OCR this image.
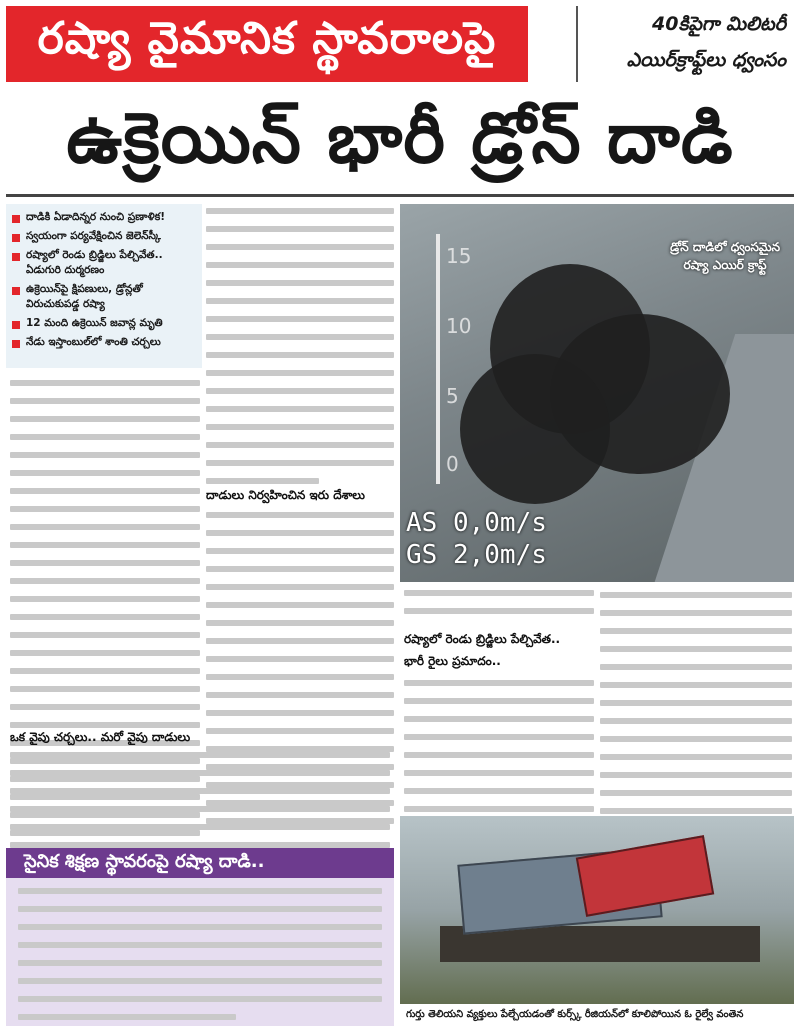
రష్యా వైమానిక స్థావరాలపై	40కిపైగా మిలిటరీ
ఎయిర్‌క్రాఫ్ట్‌లు ధ్వంసం
ఉక్రెయిన్ భారీ డ్రోన్ దాడి
దాడికి ఏడాదిన్నర నుంచి ప్రణాళిక!
స్వయంగా పర్యవేక్షించిన జెలెన్‌స్కీ
రష్యాలో రెండు బ్రిడ్జిలు పేల్చివేత..
ఏడుగురి దుర్మరణం
ఉక్రెయిన్‌పై క్షిపణులు, డ్రోన్లతో
విరుచుకుపడ్డ రష్యా
12 మంది ఉక్రెయిన్ జవాన్ల మృతి
నేడు ఇస్తాంబుల్‌లో శాంతి చర్చలు
ఒక వైపు చర్చలు.. మరో వైపు దాడులు
దాడులు నిర్వహించిన ఇరు దేశాలు
15
10
5
0
డ్రోన్ దాడిలో ధ్వంసమైన
రష్యా ఎయిర్ క్రాఫ్ట్
AS 0,0m/s
GS 2,0m/s
రష్యాలో రెండు బ్రిడ్జిలు పేల్చివేత..
భారీ రైలు ప్రమాదం..
గుర్తు తెలియని వ్యక్తులు పేల్చేయడంతో కుర్స్క్ రీజియన్‌లో కూలిపోయిన ఓ రైల్వే వంతెన
సైనిక శిక్షణ స్థావరంపై రష్యా దాడి..
